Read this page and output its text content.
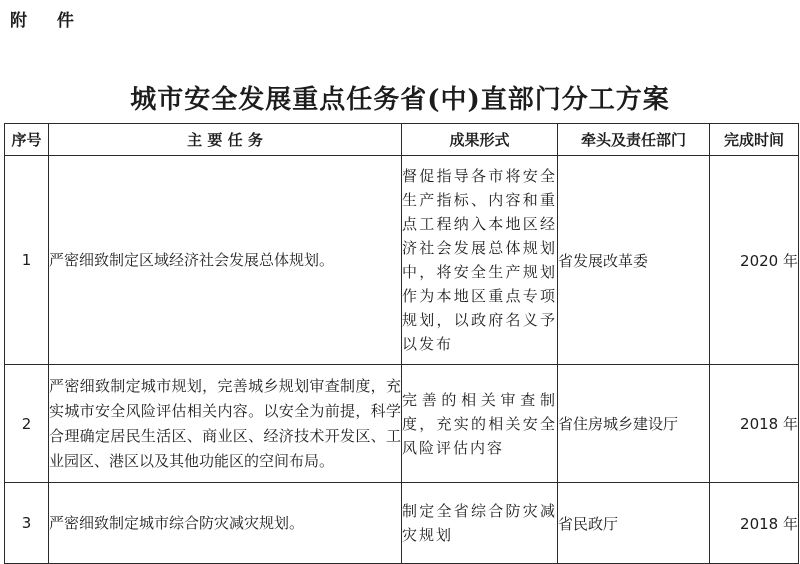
附 件
城市安全发展重点任务省(中)直部门分工方案
序号	主 要 任 务	成果形式	牵头及责任部门	完成时间
1	严密细致制定区域经济社会发展总体规划。	督促指导各市将安全生产指标、内容和重点工程纳入本地区经济社会发展总体规划中，将安全生产规划作为本地区重点专项规划，以政府名义予以发布	省发展改革委	2020 年
2	严密细致制定城市规划，完善城乡规划审查制度，充实城市安全风险评估相关内容。以安全为前提，科学合理确定居民生活区、商业区、经济技术开发区、工业园区、港区以及其他功能区的空间布局。	完善的相关审查制度，充实的相关安全风险评估内容	省住房城乡建设厅	2018 年
3	严密细致制定城市综合防灾减灾规划。	制定全省综合防灾减灾规划	省民政厅	2018 年
